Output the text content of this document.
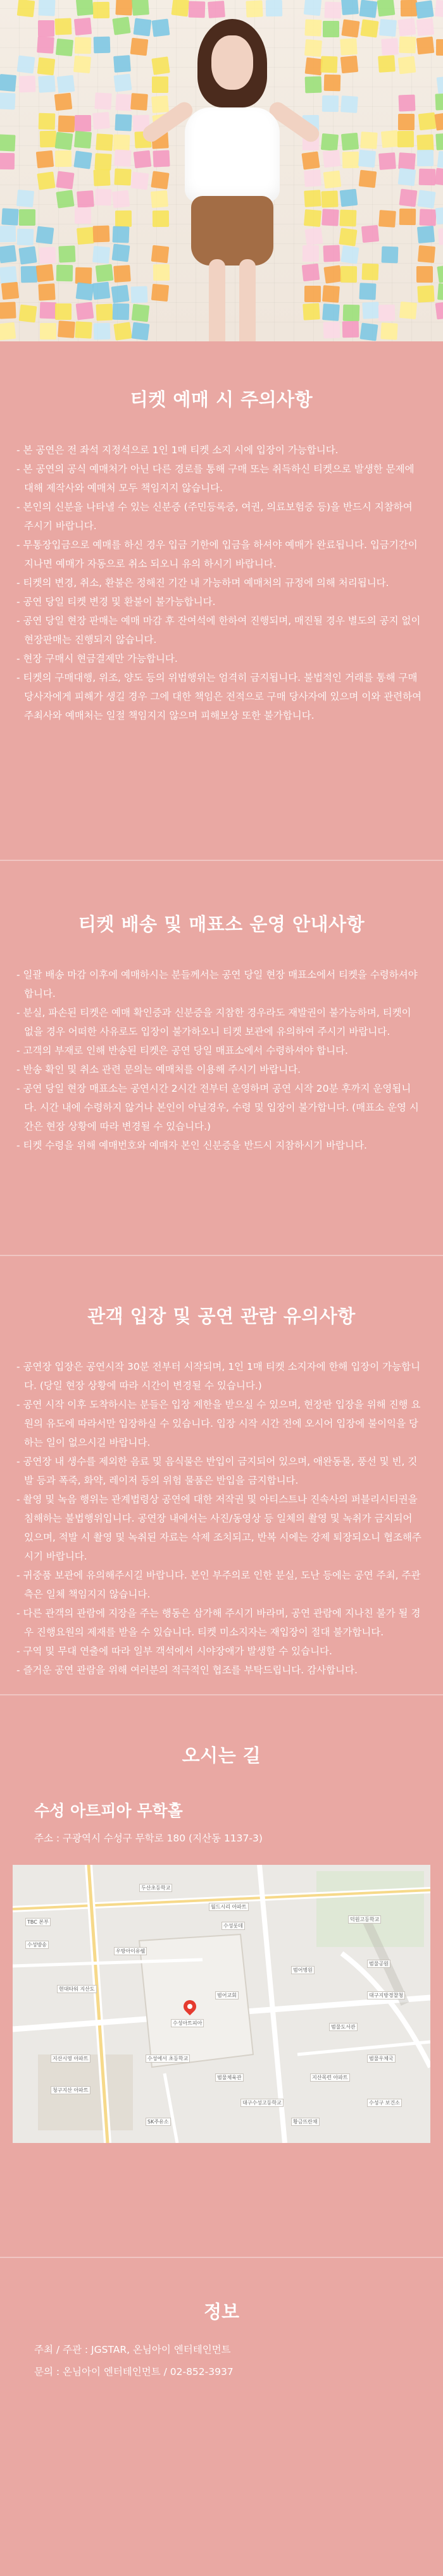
티켓 예매 시 주의사항
- 본 공연은 전 좌석 지정석으로 1인 1매 티켓 소지 시에 입장이 가능합니다.
- 본 공연의 공식 예매처가 아닌 다른 경로를 통해 구매 또는 취득하신 티켓으로 발생한 문제에 대해 제작사와 예매처 모두 책임지지 않습니다.
- 본인의 신분을 나타낼 수 있는 신분증 (주민등록증, 여권, 의료보험증 등)을 반드시 지참하여 주시기 바랍니다.
- 무통장입금으로 예매를 하신 경우 입금 기한에 입금을 하셔야 예매가 완료됩니다. 입금기간이 지나면 예매가 자동으로 취소 되오니 유의 하시기 바랍니다.
- 티켓의 변경, 취소, 환불은 정해진 기간 내 가능하며 예매처의 규정에 의해 처리됩니다.
- 공연 당일 티켓 변경 및 환불이 불가능합니다.
- 공연 당일 현장 판매는 예매 마감 후 잔여석에 한하여 진행되며, 매진될 경우 별도의 공지 없이 현장판매는 진행되지 않습니다.
- 현장 구매시 현금결제만 가능합니다.
- 티켓의 구매대행, 위조, 양도 등의 위법행위는 엄격히 금지됩니다. 불법적인 거래를 통해 구매 당사자에게 피해가 생길 경우 그에 대한 책임은 전적으로 구매 당사자에 있으며 이와 관련하여 주최사와 예매처는 일절 책임지지 않으며 피해보상 또한 불가합니다.
티켓 배송 및 매표소 운영 안내사항
- 일괄 배송 마감 이후에 예매하시는 분들께서는 공연 당일 현장 매표소에서 티켓을 수령하셔야 합니다.
- 분실, 파손된 티켓은 예매 확인증과 신분증을 지참한 경우라도 재발권이 불가능하며, 티켓이 없을 경우 어떠한 사유로도 입장이 불가하오니 티켓 보관에 유의하여 주시기 바랍니다.
- 고객의 부재로 인해 반송된 티켓은 공연 당일 매표소에서 수령하셔야 합니다.
- 반송 확인 및 취소 관련 문의는 예매처를 이용해 주시기 바랍니다.
- 공연 당일 현장 매표소는 공연시간 2시간 전부터 운영하며 공연 시작 20분 후까지 운영됩니다. 시간 내에 수령하지 않거나 본인이 아닐경우, 수령 및 입장이 불가합니다. (매표소 운영 시간은 현장 상황에 따라 변경될 수 있습니다.)
- 티켓 수령을 위해 예매번호와 예매자 본인 신분증을 반드시 지참하시기 바랍니다.
관객 입장 및 공연 관람 유의사항
- 공연장 입장은 공연시작 30분 전부터 시작되며, 1인 1매 티켓 소지자에 한해 입장이 가능합니다. (당일 현장 상황에 따라 시간이 변경될 수 있습니다.)
- 공연 시작 이후 도착하시는 분들은 입장 제한을 받으실 수 있으며, 현장판 입장을 위해 진행 요원의 유도에 따라서만 입장하실 수 있습니다. 입장 시작 시간 전에 오시어 입장에 불이익을 당하는 일이 없으시길 바랍니다.
- 공연장 내 생수를 제외한 음료 및 음식물은 반입이 금지되어 있으며, 애완동물, 풍선 및 빈, 깃발 등과 폭죽, 화약, 레이저 등의 위험 물품은 반입을 금지합니다.
- 촬영 및 녹음 행위는 관계법령상 공연에 대한 저작권 및 아티스트나 진속사의 퍼블리시티권을 침해하는 불법행위입니다. 공연장 내에서는 사진/동영상 등 일체의 촬영 및 녹취가 금지되어 있으며, 적발 시 촬영 및 녹취된 자료는 삭제 조치되고, 반복 시에는 강제 퇴장되오니 협조해주시기 바랍니다.
- 귀중품 보관에 유의해주시길 바랍니다. 본인 부주의로 인한 분실, 도난 등에는 공연 주최, 주관 측은 일체 책임지지 않습니다.
- 다른 관객의 관람에 지장을 주는 행동은 삼가해 주시기 바라며, 공연 관람에 지나친 불가 될 경우 진행요원의 제재를 받을 수 있습니다. 티켓 미소지자는 재입장이 절대 불가합니다.
- 구역 및 무대 연출에 따라 일부 객석에서 시야장애가 발생할 수 있습니다.
- 즐거운 공연 관람을 위해 여러분의 적극적인 협조를 부탁드립니다. 감사합니다.
오시는 길
수성 아트피아 무학홀
주소 : 구광역시 수성구 무학로 180 (지산동 1137-3)
두산초등학교
TBC 본부
수성방송
월드시리 아파트
수성롯데
덕원고등학교
수성아트피아
범어교회
범어병원
우방아이유쉘
현대타워 지산도
범물공원
범물도서관
대구지방경찰청
지산시영 아파트
청구지산 아파트
수성에서 초등학교
SK주유소
범물체육관
대구수성고등학교
황금뜨란채
지산목련 아파트
수성구 보건소
범물우체국
정보
주최 / 주관 : JGSTAR, 온님아이 엔터테인먼트
문의 : 온님아이 엔터테인먼트 / 02-852-3937
